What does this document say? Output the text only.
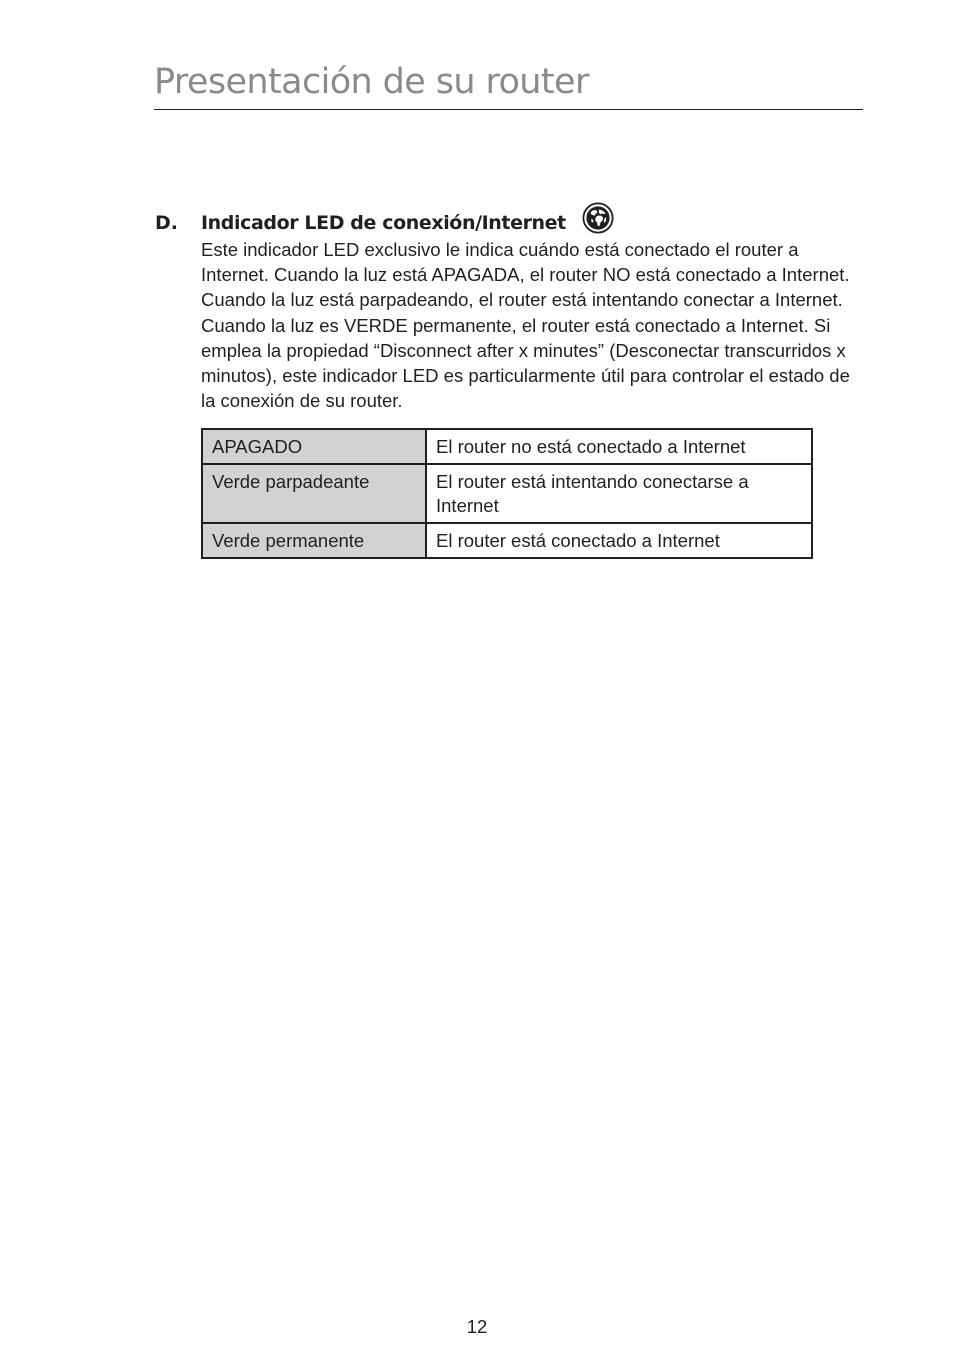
Presentación de su router
D. Indicador LED de conexión/Internet

Este indicador LED exclusivo le indica cuándo está conectado el router a Internet. Cuando la luz está APAGADA, el router NO está conectado a Internet. Cuando la luz está parpadeando, el router está intentando conectar a Internet. Cuando la luz es VERDE permanente, el router está conectado a Internet. Si emplea la propiedad “Disconnect after x minutes” (Desconectar transcurridos x minutos), este indicador LED es particularmente útil para controlar el estado de la conexión de su router.

APAGADO	El router no está conectado a Internet
Verde parpadeante	El router está intentando conectarse a Internet
Verde permanente	El router está conectado a Internet
12
